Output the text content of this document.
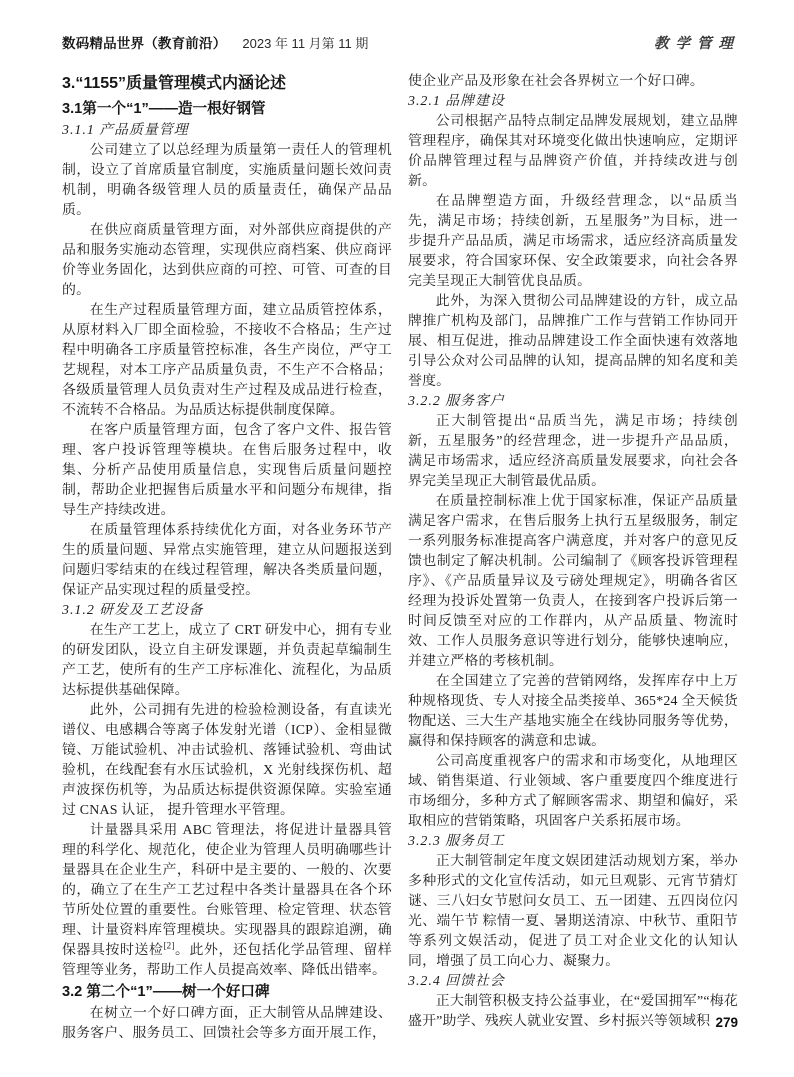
数码精品世界（教育前沿） 2023 年 11 月第 11 期	教学管理
3.“1155”质量管理模式内涵论述
3.1第一个“1”——造一根好钢管
3.1.1 产品质量管理

公司建立了以总经理为质量第一责任人的管理机制，设立了首席质量官制度，实施质量问题长效问责机制，明确各级管理人员的质量责任，确保产品品质。

在供应商质量管理方面，对外部供应商提供的产品和服务实施动态管理，实现供应商档案、供应商评价等业务固化，达到供应商的可控、可管、可查的目的。

在生产过程质量管理方面，建立品质管控体系，从原材料入厂即全面检验，不接收不合格品；生产过程中明确各工序质量管控标准，各生产岗位，严守工艺规程，对本工序产品质量负责，不生产不合格品；各级质量管理人员负责对生产过程及成品进行检查，不流转不合格品。为品质达标提供制度保障。

在客户质量管理方面，包含了客户文件、报告管理、客户投诉管理等模块。在售后服务过程中，收集、分析产品使用质量信息，实现售后质量问题控制，帮助企业把握售后质量水平和问题分布规律，指导生产持续改进。

在质量管理体系持续优化方面，对各业务环节产生的质量问题、异常点实施管理，建立从问题报送到问题归零结束的在线过程管理，解决各类质量问题，保证产品实现过程的质量受控。

3.1.2 研发及工艺设备

在生产工艺上，成立了 CRT 研发中心，拥有专业的研发团队，设立自主研发课题，并负责起草编制生产工艺，使所有的生产工序标准化、流程化，为品质达标提供基础保障。

此外，公司拥有先进的检验检测设备，有直读光谱仪、电感耦合等离子体发射光谱（ICP）、金相显微镜、万能试验机、冲击试验机、落锤试验机、弯曲试验机，在线配套有水压试验机，X 光射线探伤机、超声波探伤机等，为品质达标提供资源保障。实验室通过 CNAS 认证， 提升管理水平管理。

计量器具采用 ABC 管理法，将促进计量器具管理的科学化、规范化，使企业为管理人员明确哪些计量器具在企业生产，科研中是主要的、一般的、次要的，确立了在生产工艺过程中各类计量器具在各个环节所处位置的重要性。台账管理、检定管理、状态管理、计量资料库管理模块。实现器具的跟踪追溯，确保器具按时送检[2]。此外，还包括化学品管理、留样管理等业务，帮助工作人员提高效率、降低出错率。

3.2 第二个“1”——树一个好口碑

在树立一个好口碑方面，正大制管从品牌建设、服务客户、服务员工、回馈社会等多方面开展工作，

使企业产品及形象在社会各界树立一个好口碑。

3.2.1 品牌建设

公司根据产品特点制定品牌发展规划，建立品牌管理程序，确保其对环境变化做出快速响应，定期评价品牌管理过程与品牌资产价值，并持续改进与创新。

在品牌塑造方面，升级经营理念，以“品质当先，满足市场；持续创新，五星服务”为目标，进一步提升产品品质，满足市场需求，适应经济高质量发展要求，符合国家环保、安全政策要求，向社会各界完美呈现正大制管优良品质。

此外，为深入贯彻公司品牌建设的方针，成立品牌推广机构及部门，品牌推广工作与营销工作协同开展、相互促进，推动品牌建设工作全面快速有效落地引导公众对公司品牌的认知，提高品牌的知名度和美誉度。

3.2.2 服务客户

正大制管提出“品质当先，满足市场；持续创新，五星服务”的经营理念，进一步提升产品品质，满足市场需求，适应经济高质量发展要求，向社会各界完美呈现正大制管最优品质。

在质量控制标准上优于国家标准，保证产品质量满足客户需求，在售后服务上执行五星级服务，制定一系列服务标准提高客户满意度，并对客户的意见反馈也制定了解决机制。公司编制了《顾客投诉管理程序》、《产品质量异议及亏磅处理规定》，明确各省区经理为投诉处置第一负责人，在接到客户投诉后第一时间反馈至对应的工作群内，从产品质量、物流时效、工作人员服务意识等进行划分，能够快速响应，并建立严格的考核机制。

在全国建立了完善的营销网络，发挥库存中上万种规格现货、专人对接全品类接单、365*24 全天候货物配送、三大生产基地实施全在线协同服务等优势，赢得和保持顾客的满意和忠诚。

公司高度重视客户的需求和市场变化，从地理区域、销售渠道、行业领域、客户重要度四个维度进行市场细分，多种方式了解顾客需求、期望和偏好，采取相应的营销策略，巩固客户关系拓展市场。

3.2.3 服务员工

正大制管制定年度文娱团建活动规划方案，举办多种形式的文化宣传活动，如元旦观影、元宵节猜灯谜、三八妇女节慰问女员工、五一团建、五四岗位闪光、端午节 粽情一夏、暑期送清凉、中秋节、重阳节等系列文娱活动，促进了员工对企业文化的认知认同，增强了员工向心力、凝聚力。

3.2.4 回馈社会

正大制管积极支持公益事业，在“爱国拥军”“梅花盛开”助学、残疾人就业安置、乡村振兴等领域积 279
